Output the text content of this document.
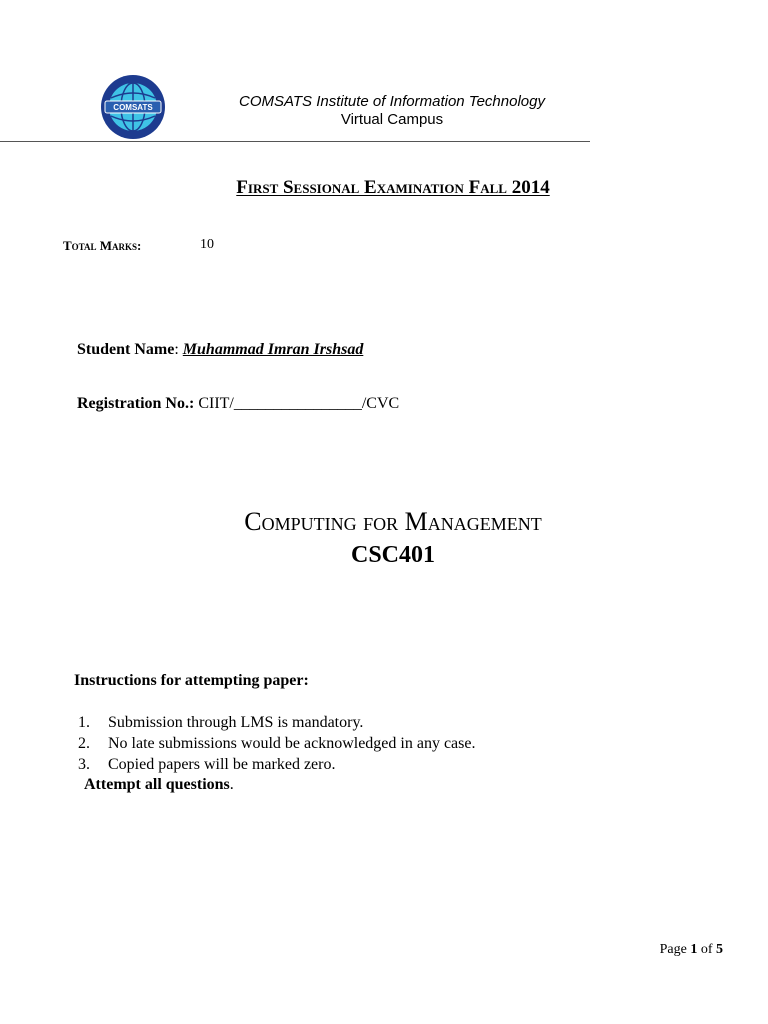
COMSATS	COMSATS Institute of Information Technology
Virtual Campus
First Sessional Examination Fall 2014
Total Marks:	10
Student Name: Muhammad Imran Irshsad
Registration No.: CIIT/________________/CVC
Computing for Management
CSC401
Instructions for attempting paper:
1.	Submission through LMS is mandatory.
2.	No late submissions would be acknowledged in any case.
3.	Copied papers will be marked zero.
Attempt all questions.
Page 1 of 5
